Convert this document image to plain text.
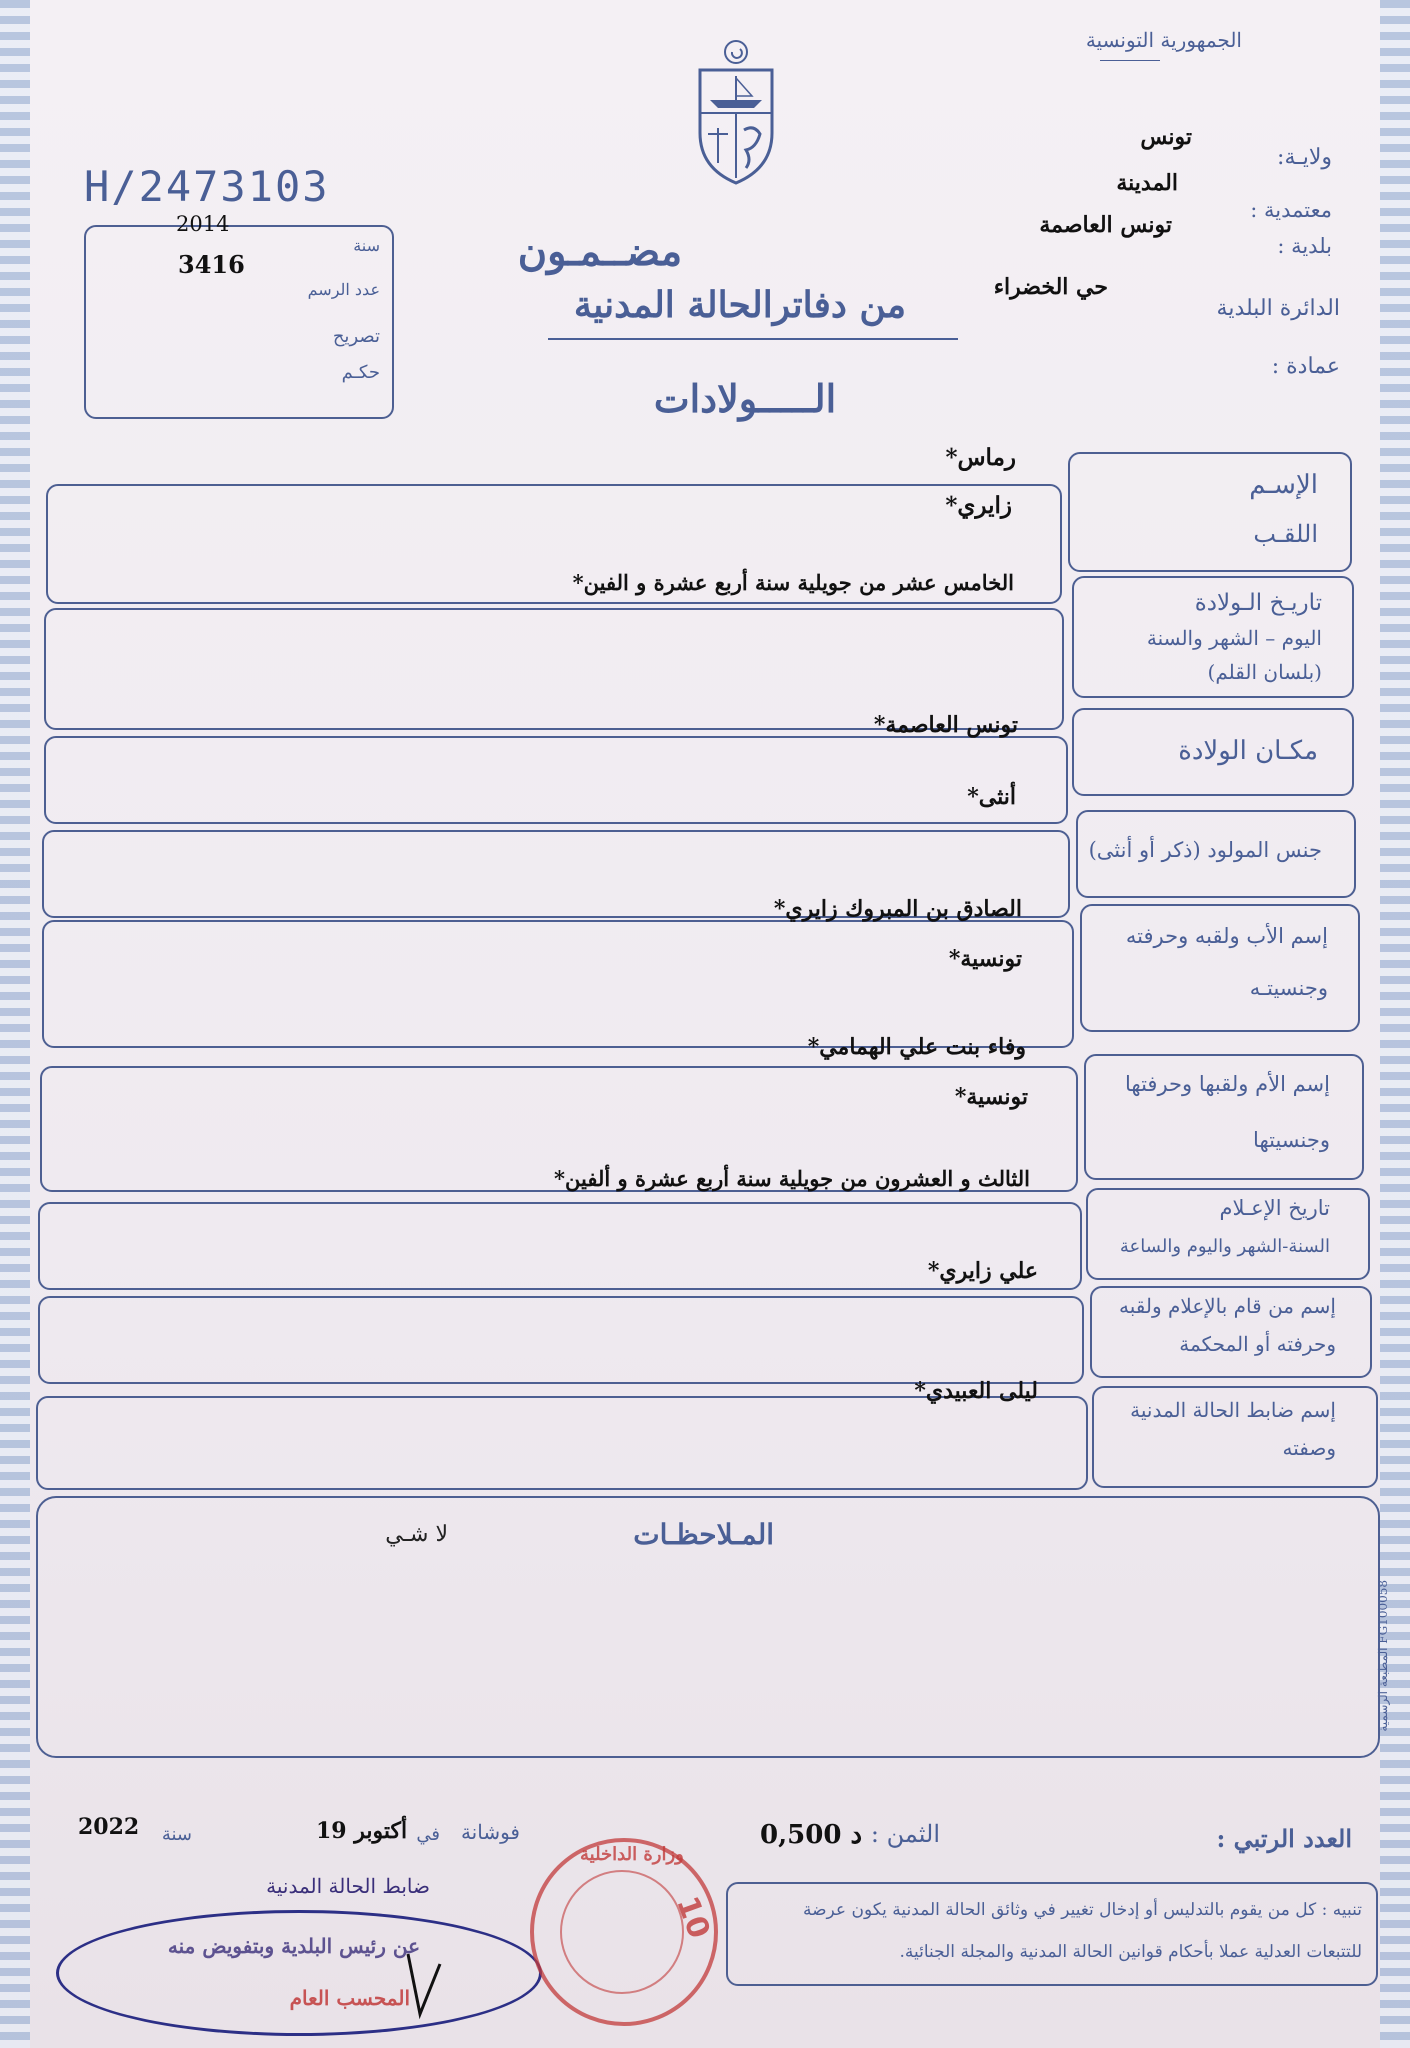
الجمهورية التونسية
ولايـة:
تونس
معتمدية :
المدينة
بلدية :
تونس العاصمة
الدائرة البلدية
حي الخضراء
عمادة :
مضــمـون
من دفاترالحالة المدنية
الـــــولادات
H/2473103
سنة
2014
عدد الرسم
3416
تصريح
حكـم
الإسـم
اللقـب
رماس*
زايري*
تاريـخ الـولادة
اليوم – الشهر والسنة
(بلسان القلم)
الخامس عشر من جويلية سنة أربع عشرة و الفين*
مكـان الولادة
تونس العاصمة*
جنس المولود (ذكر أو أنثى)
أنثى*
إسم الأب ولقبه وحرفته
وجنسيتـه
الصادق بن المبروك زايري*
تونسية*
إسم الأم ولقبها وحرفتها
وجنسيتها
وفاء بنت علي الهمامي*
تونسية*
تاريخ الإعـلام
السنة-الشهر واليوم والساعة
الثالث و العشرون من جويلية سنة أربع عشرة و ألفين*
إسم من قام بالإعلام ولقبه
وحرفته أو المحكمة
علي زايري*
إسم ضابط الحالة المدنية
وصفته
ليلى العبيدي*
المـلاحظـات
لا شـي
المطبعة الرسمية FG100058
العدد الرتبي :
الثمن :
0,500 د
فوشانة
في
19 أكتوبر
سنة
2022
تنبيه : كل من يقوم بالتدليس أو إدخال تغيير في وثائق الحالة المدنية يكون عرضة
للتتبعات العدلية عملا بأحكام قوانين الحالة المدنية والمجلة الجنائية.
ضابط الحالة المدنية
عن رئيس البلدية وبتفويض منه
المحسب العام
وزارة الداخلية
10
